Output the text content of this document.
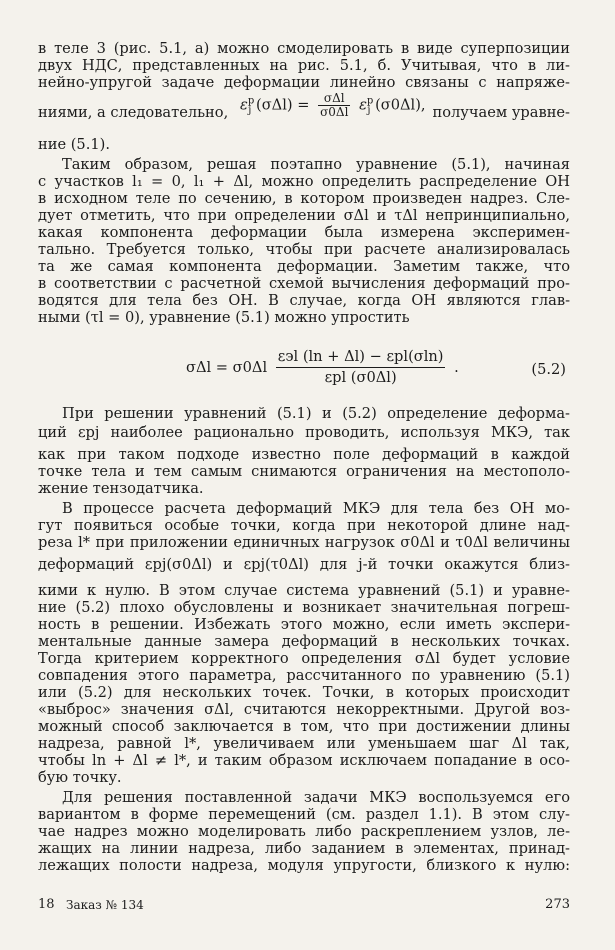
в теле 3 (рис. 5.1, а) можно смоделировать в виде суперпозиции
двух НДС, представленных на рис. 5.1, б. Учитывая, что в ли-
нейно-упругой задаче деформации линейно связаны с напряже-
ниями, а следовательно, $\varepsilon^p_j$ $(\sigma\Delta l) = \frac{\text{σΔl}}{\sigma 0\Delta l} \varepsilon^p_j$ (σ0Δl), получаем уравне-
ние (5.1).
Таким образом, решая поэтапно уравнение (5.1), начиная
с участков l₁ = 0, l₁ + Δl, можно определить распределение ОН
в исходном теле по сечению, в котором произведен надрез. Сле-
дует отметить, что при определении σΔl и τΔl непринципиально,
какая компонента деформации была измерена эксперимен-
тально. Требуется только, чтобы при расчете анализировалась
та же самая компонента деформации. Заметим также, что
в соответствии с расчетной схемой вычисления деформаций про-
водятся для тела без ОН. В случае, когда ОН являются глав-
ными (τl = 0), уравнение (5.1) можно упростить
$\sigma\Delta l = \sigma 0\Delta l \frac{\text{εэl (ln + Δl) − εpl(σln)}}{\text{εpl (σ0Δl)}}$ .	(5.2)
При решении уравнений (5.1) и (5.2) определение деформа-
ций εpj наиболее рационально проводить, используя МКЭ, так
как при таком подходе известно поле деформаций в каждой
точке тела и тем самым снимаются ограничения на местополо-
жение тензодатчика.
В процессе расчета деформаций МКЭ для тела без ОН мо-
гут появиться особые точки, когда при некоторой длине над-
реза l* при приложении единичных нагрузок σ0Δl и τ0Δl величины
деформаций εpj(σ0Δl) и εpj(τ0Δl) для j-й точки окажутся близ-
кими к нулю. В этом случае система уравнений (5.1) и уравне-
ние (5.2) плохо обусловлены и возникает значительная погреш-
ность в решении. Избежать этого можно, если иметь экспери-
ментальные данные замера деформаций в нескольких точках.
Тогда критерием корректного определения σΔl будет условие
совпадения этого параметра, рассчитанного по уравнению (5.1)
или (5.2) для нескольких точек. Точки, в которых происходит
«выброс» значения σΔl, считаются некорректными. Другой воз-
можный способ заключается в том, что при достижении длины
надреза, равной l*, увеличиваем или уменьшаем шаг Δl так,
чтобы ln + Δl ≠ l*, и таким образом исключаем попадание в осо-
бую точку.
Для решения поставленной задачи МКЭ воспользуемся его
вариантом в форме перемещений (см. раздел 1.1). В этом слу-
чае надрез можно моделировать либо раскреплением узлов, ле-
жащих на линии надреза, либо заданием в элементах, принад-
лежащих полости надреза, модуля упругости, близкого к нулю:
18 Заказ № 134	273
